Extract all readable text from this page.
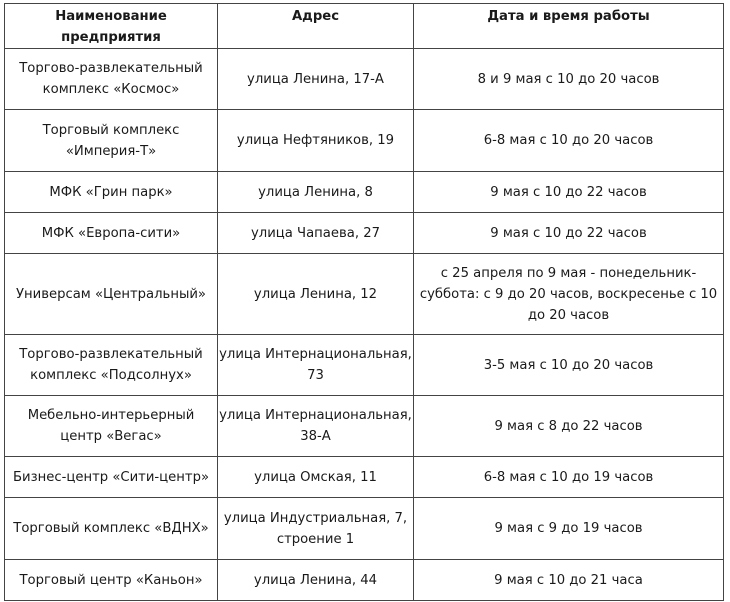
Наименование предприятия	Адрес	Дата и время работы
Торгово-развлекательный комплекс «Космос»	улица Ленина, 17-А	8 и 9 мая с 10 до 20 часов
Торговый комплекс «Империя-Т»	улица Нефтяников, 19	6-8 мая с 10 до 20 часов
МФК «Грин парк»	улица Ленина, 8	9 мая с 10 до 22 часов
МФК «Европа-сити»	улица Чапаева, 27	9 мая с 10 до 22 часов
Универсам «Центральный»	улица Ленина, 12	с 25 апреля по 9 мая - понедельник-суббота: с 9 до 20 часов, воскресенье с 10 до 20 часов
Торгово-развлекательный комплекс «Подсолнух»	улица Интернациональная, 73	3-5 мая с 10 до 20 часов
Мебельно-интерьерный центр «Вегас»	улица Интернациональная, 38-А	9 мая с 8 до 22 часов
Бизнес-центр «Сити-центр»	улица Омская, 11	6-8 мая с 10 до 19 часов
Торговый комплекс «ВДНХ»	улица Индустриальная, 7, строение 1	9 мая с 9 до 19 часов
Торговый центр «Каньон»	улица Ленина, 44	9 мая с 10 до 21 часа
